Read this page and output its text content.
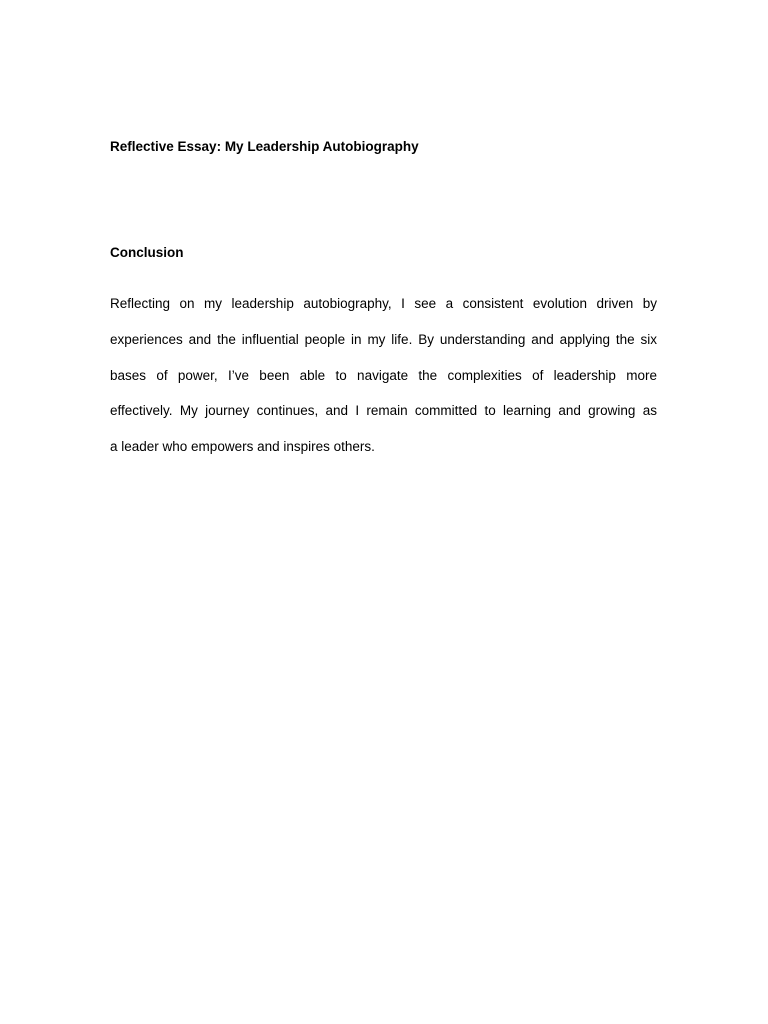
Reflective Essay: My Leadership Autobiography
Conclusion
Reflecting on my leadership autobiography, I see a consistent evolution driven by
experiences and the influential people in my life. By understanding and applying the six
bases of power, I’ve been able to navigate the complexities of leadership more
effectively. My journey continues, and I remain committed to learning and growing as
a leader who empowers and inspires others.
